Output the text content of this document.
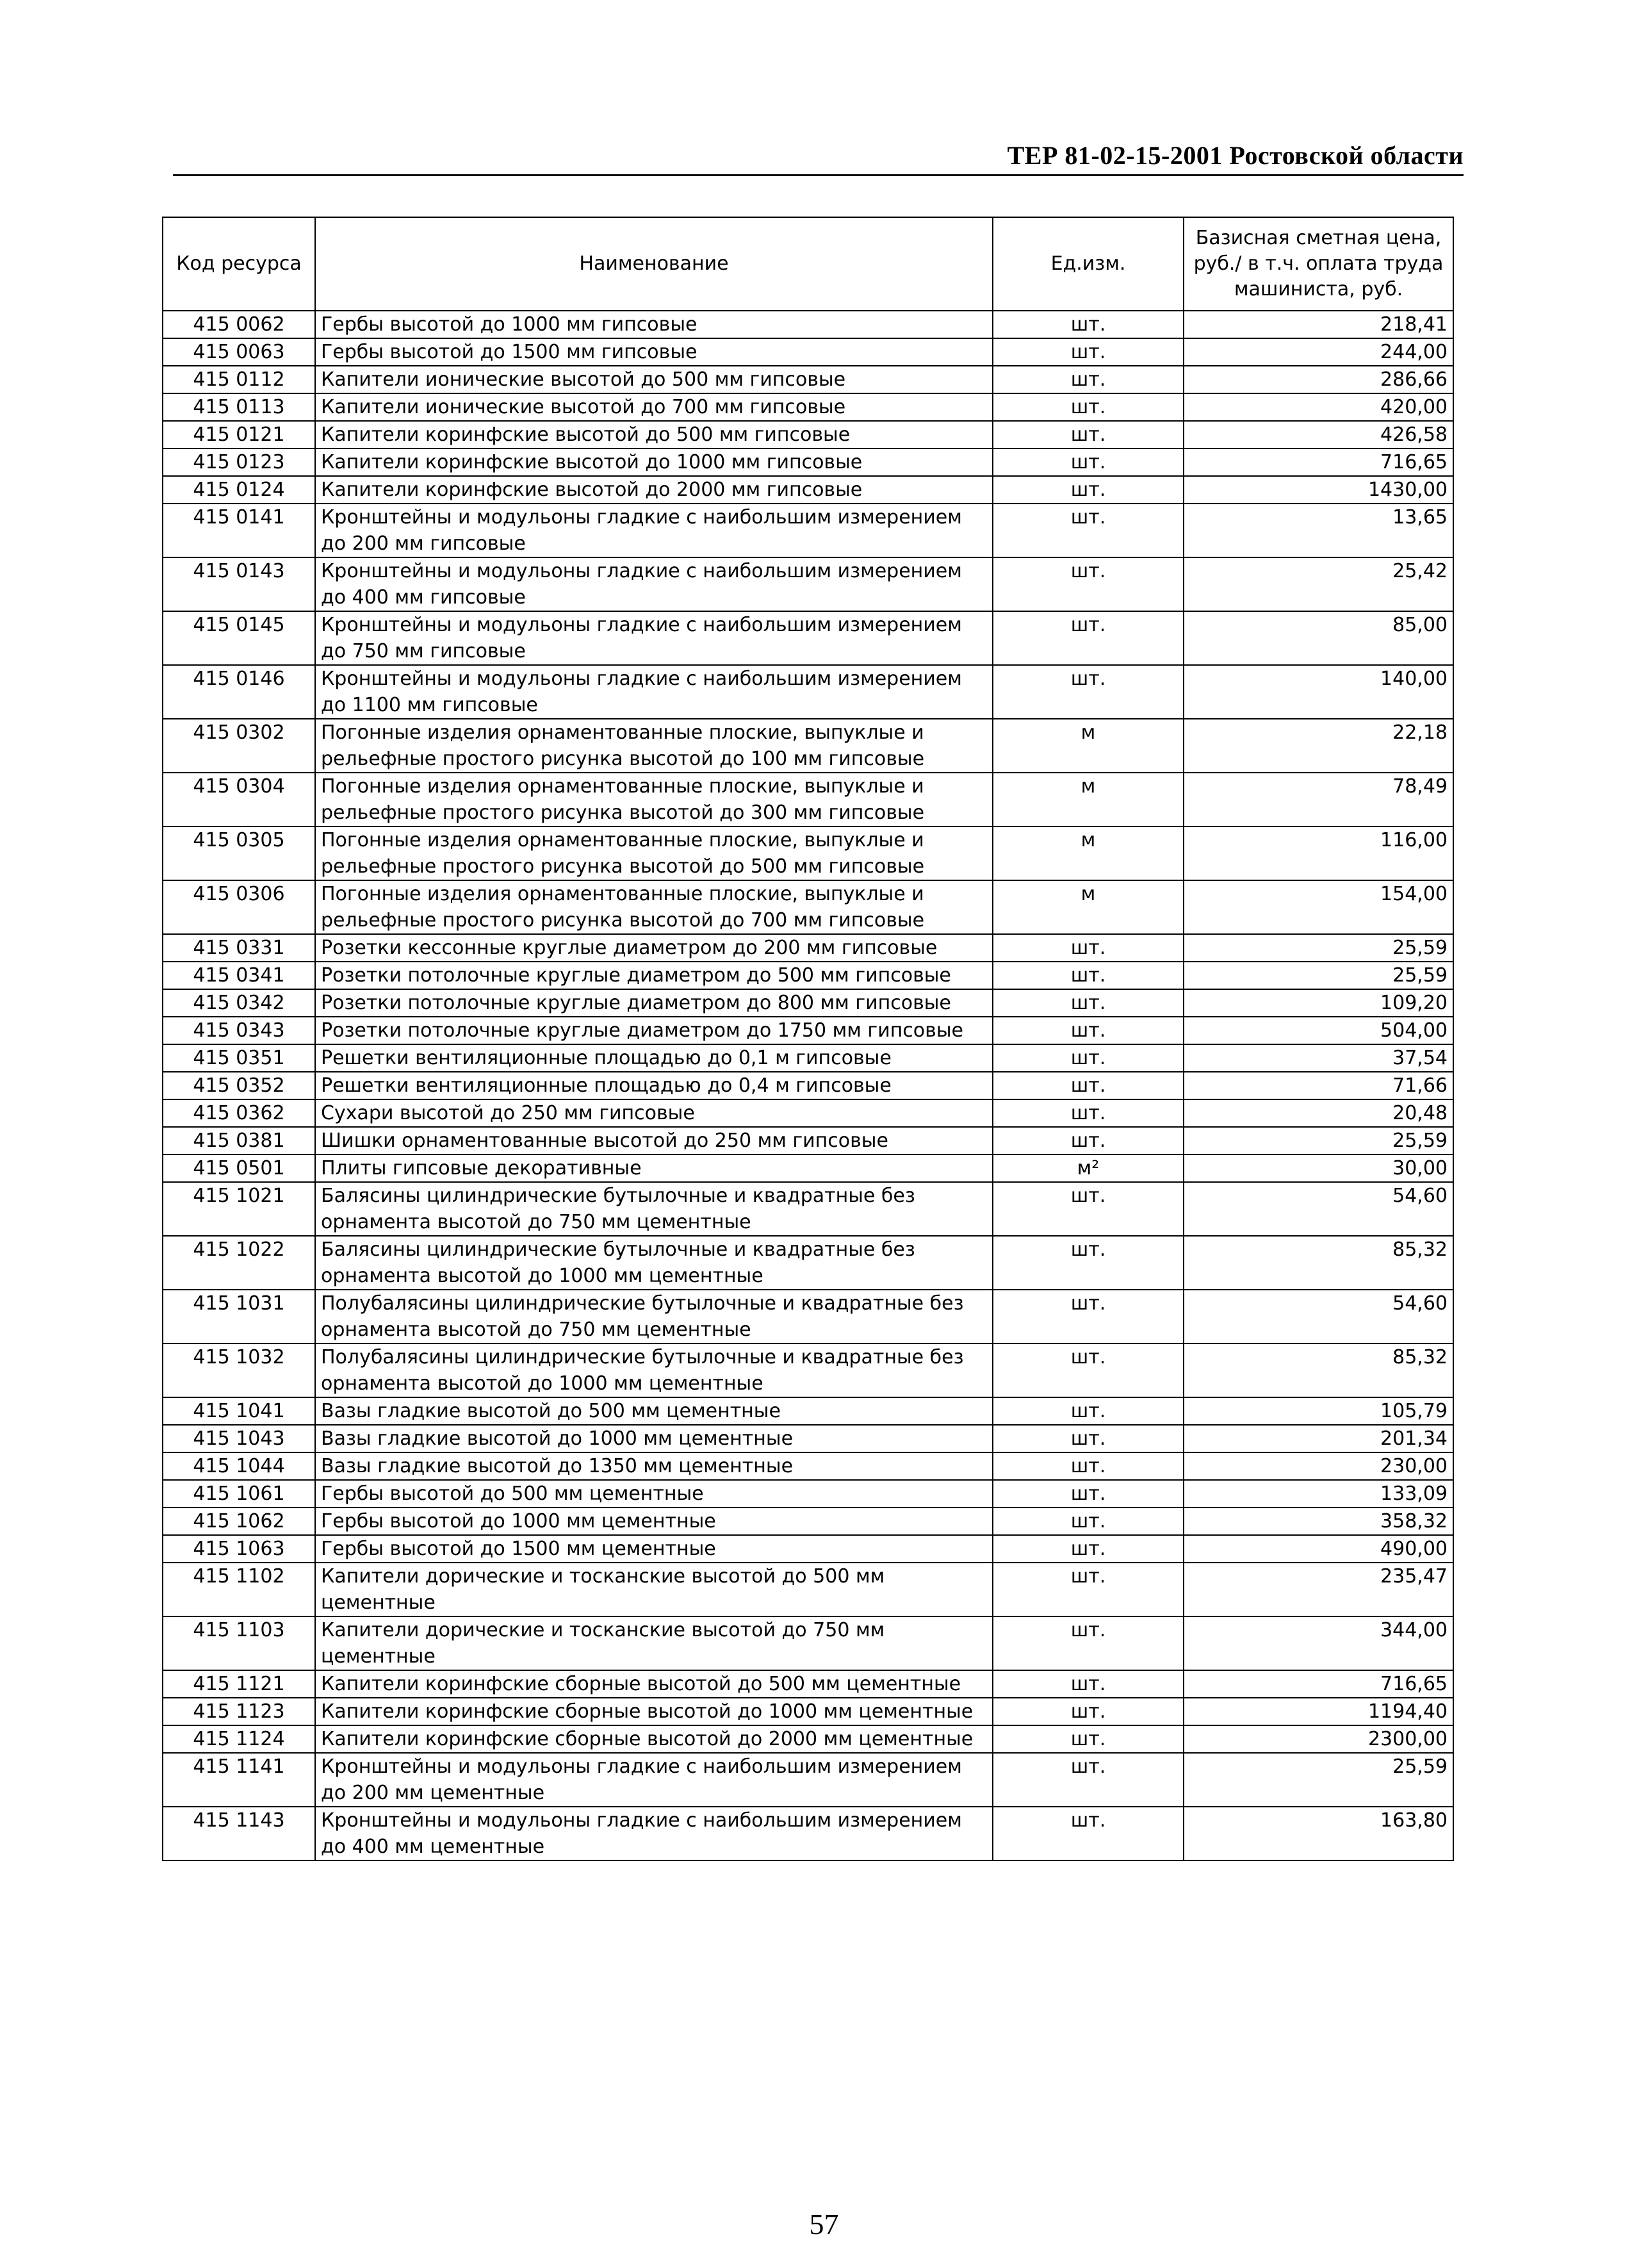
ТЕР 81-02-15-2001 Ростовской области
Код ресурса	Наименование	Ед.изм.	Базисная сметная цена, руб./ в т.ч. оплата труда машиниста, руб.
415 0062	Гербы высотой до 1000 мм гипсовые	шт.	218,41
415 0063	Гербы высотой до 1500 мм гипсовые	шт.	244,00
415 0112	Капители ионические высотой до 500 мм гипсовые	шт.	286,66
415 0113	Капители ионические высотой до 700 мм гипсовые	шт.	420,00
415 0121	Капители коринфские высотой до 500 мм гипсовые	шт.	426,58
415 0123	Капители коринфские высотой до 1000 мм гипсовые	шт.	716,65
415 0124	Капители коринфские высотой до 2000 мм гипсовые	шт.	1430,00
415 0141	Кронштейны и модульоны гладкие с наибольшим измерением до 200 мм гипсовые	шт.	13,65
415 0143	Кронштейны и модульоны гладкие с наибольшим измерением до 400 мм гипсовые	шт.	25,42
415 0145	Кронштейны и модульоны гладкие с наибольшим измерением до 750 мм гипсовые	шт.	85,00
415 0146	Кронштейны и модульоны гладкие с наибольшим измерением до 1100 мм гипсовые	шт.	140,00
415 0302	Погонные изделия орнаментованные плоские, выпуклые и рельефные простого рисунка высотой до 100 мм гипсовые	м	22,18
415 0304	Погонные изделия орнаментованные плоские, выпуклые и рельефные простого рисунка высотой до 300 мм гипсовые	м	78,49
415 0305	Погонные изделия орнаментованные плоские, выпуклые и рельефные простого рисунка высотой до 500 мм гипсовые	м	116,00
415 0306	Погонные изделия орнаментованные плоские, выпуклые и рельефные простого рисунка высотой до 700 мм гипсовые	м	154,00
415 0331	Розетки кессонные круглые диаметром до 200 мм гипсовые	шт.	25,59
415 0341	Розетки потолочные круглые диаметром до 500 мм гипсовые	шт.	25,59
415 0342	Розетки потолочные круглые диаметром до 800 мм гипсовые	шт.	109,20
415 0343	Розетки потолочные круглые диаметром до 1750 мм гипсовые	шт.	504,00
415 0351	Решетки вентиляционные площадью до 0,1 м гипсовые	шт.	37,54
415 0352	Решетки вентиляционные площадью до 0,4 м гипсовые	шт.	71,66
415 0362	Сухари высотой до 250 мм гипсовые	шт.	20,48
415 0381	Шишки орнаментованные высотой до 250 мм гипсовые	шт.	25,59
415 0501	Плиты гипсовые декоративные	м²	30,00
415 1021	Балясины цилиндрические бутылочные и квадратные без орнамента высотой до 750 мм цементные	шт.	54,60
415 1022	Балясины цилиндрические бутылочные и квадратные без орнамента высотой до 1000 мм цементные	шт.	85,32
415 1031	Полубалясины цилиндрические бутылочные и квадратные без орнамента высотой до 750 мм цементные	шт.	54,60
415 1032	Полубалясины цилиндрические бутылочные и квадратные без орнамента высотой до 1000 мм цементные	шт.	85,32
415 1041	Вазы гладкие высотой до 500 мм цементные	шт.	105,79
415 1043	Вазы гладкие высотой до 1000 мм цементные	шт.	201,34
415 1044	Вазы гладкие высотой до 1350 мм цементные	шт.	230,00
415 1061	Гербы высотой до 500 мм цементные	шт.	133,09
415 1062	Гербы высотой до 1000 мм цементные	шт.	358,32
415 1063	Гербы высотой до 1500 мм цементные	шт.	490,00
415 1102	Капители дорические и тосканские высотой до 500 мм цементные	шт.	235,47
415 1103	Капители дорические и тосканские высотой до 750 мм цементные	шт.	344,00
415 1121	Капители коринфские сборные высотой до 500 мм цементные	шт.	716,65
415 1123	Капители коринфские сборные высотой до 1000 мм цементные	шт.	1194,40
415 1124	Капители коринфские сборные высотой до 2000 мм цементные	шт.	2300,00
415 1141	Кронштейны и модульоны гладкие с наибольшим измерением до 200 мм цементные	шт.	25,59
415 1143	Кронштейны и модульоны гладкие с наибольшим измерением до 400 мм цементные	шт.	163,80
57
